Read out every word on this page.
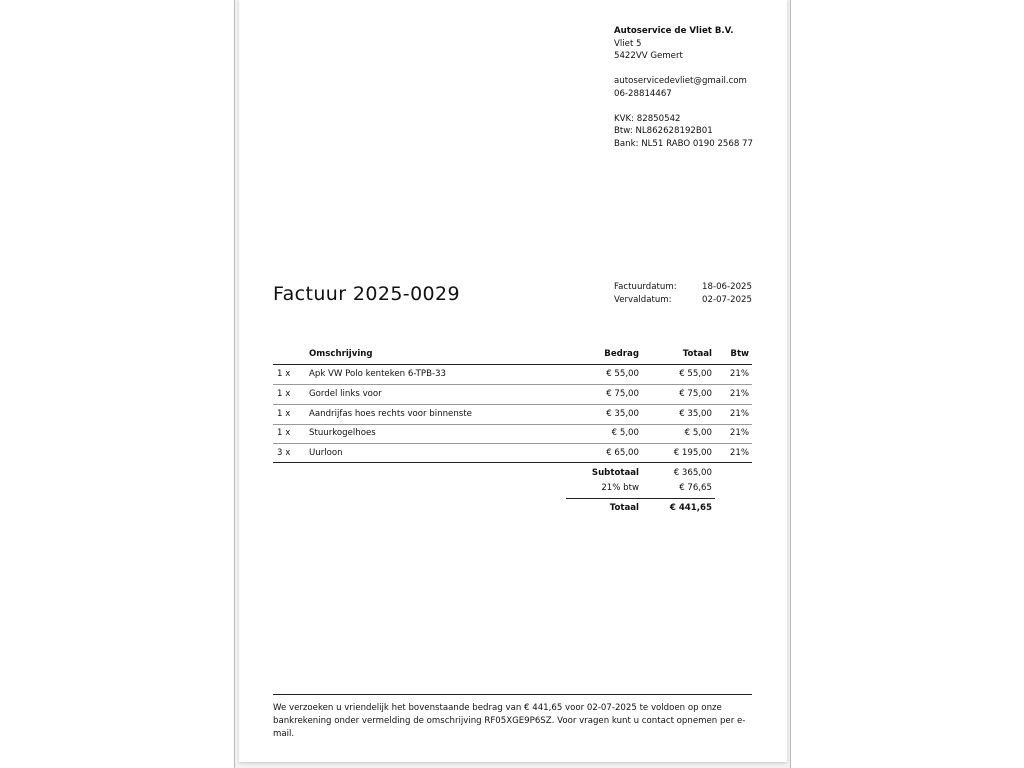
Autoservice de Vliet B.V.
Vliet 5
5422VV Gemert
autoservicedevliet@gmail.com
06-28814467
KVK: 82850542
Btw: NL862628192B01
Bank: NL51 RABO 0190 2568 77
Factuur 2025-0029	Factuurdatum:	18-06-2025
Vervaldatum:	02-07-2025
Omschrijving	Bedrag	Totaal	Btw
1 x Apk VW Polo kenteken 6-TPB-33	€ 55,00	€ 55,00	21%
1 x Gordel links voor	€ 75,00	€ 75,00	21%
1 x Aandrijfas hoes rechts voor binnenste	€ 35,00	€ 35,00	21%
1 x Stuurkogelhoes	€ 5,00	€ 5,00	21%
3 x Uurloon	€ 65,00	€ 195,00	21%
Subtotaal	€ 365,00
21% btw	€ 76,65
Totaal	€ 441,65
We verzoeken u vriendelijk het bovenstaande bedrag van € 441,65 voor 02-07-2025 te voldoen op onze bankrekening onder vermelding de omschrijving RF05XGE9P6SZ. Voor vragen kunt u contact opnemen per e-mail.
